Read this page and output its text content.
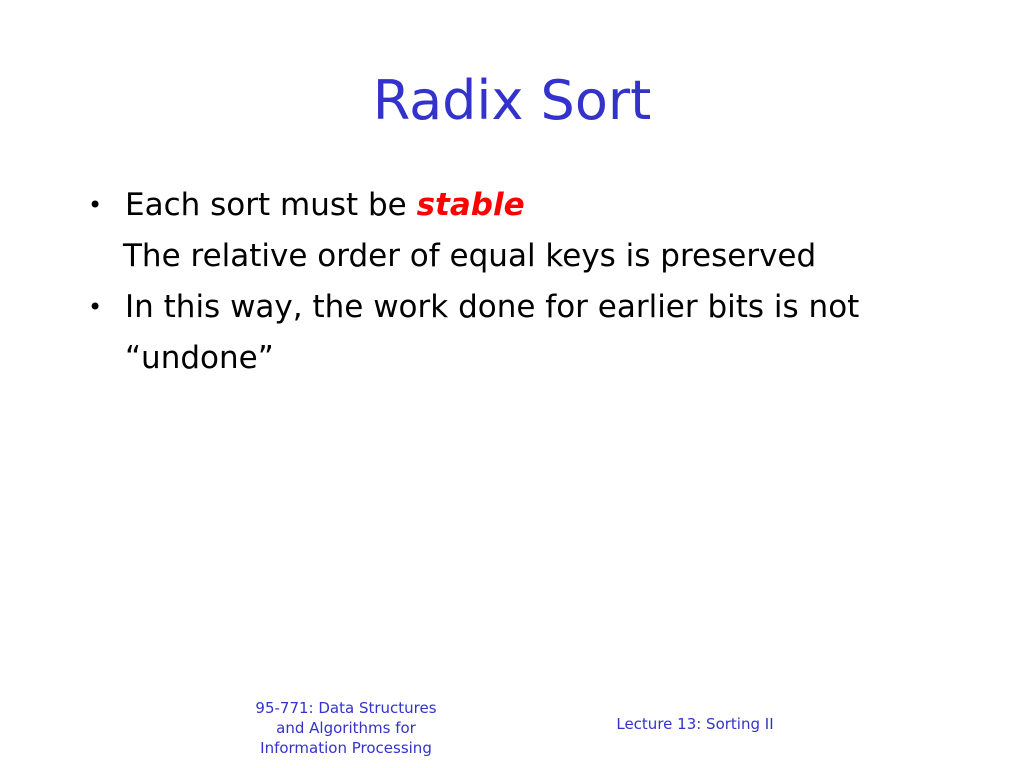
Radix Sort
• Each sort must be stable
The relative order of equal keys is preserved
• In this way, the work done for earlier bits is not “undone”
95-771: Data Structures
and Algorithms for
Information Processing
Lecture 13: Sorting II
